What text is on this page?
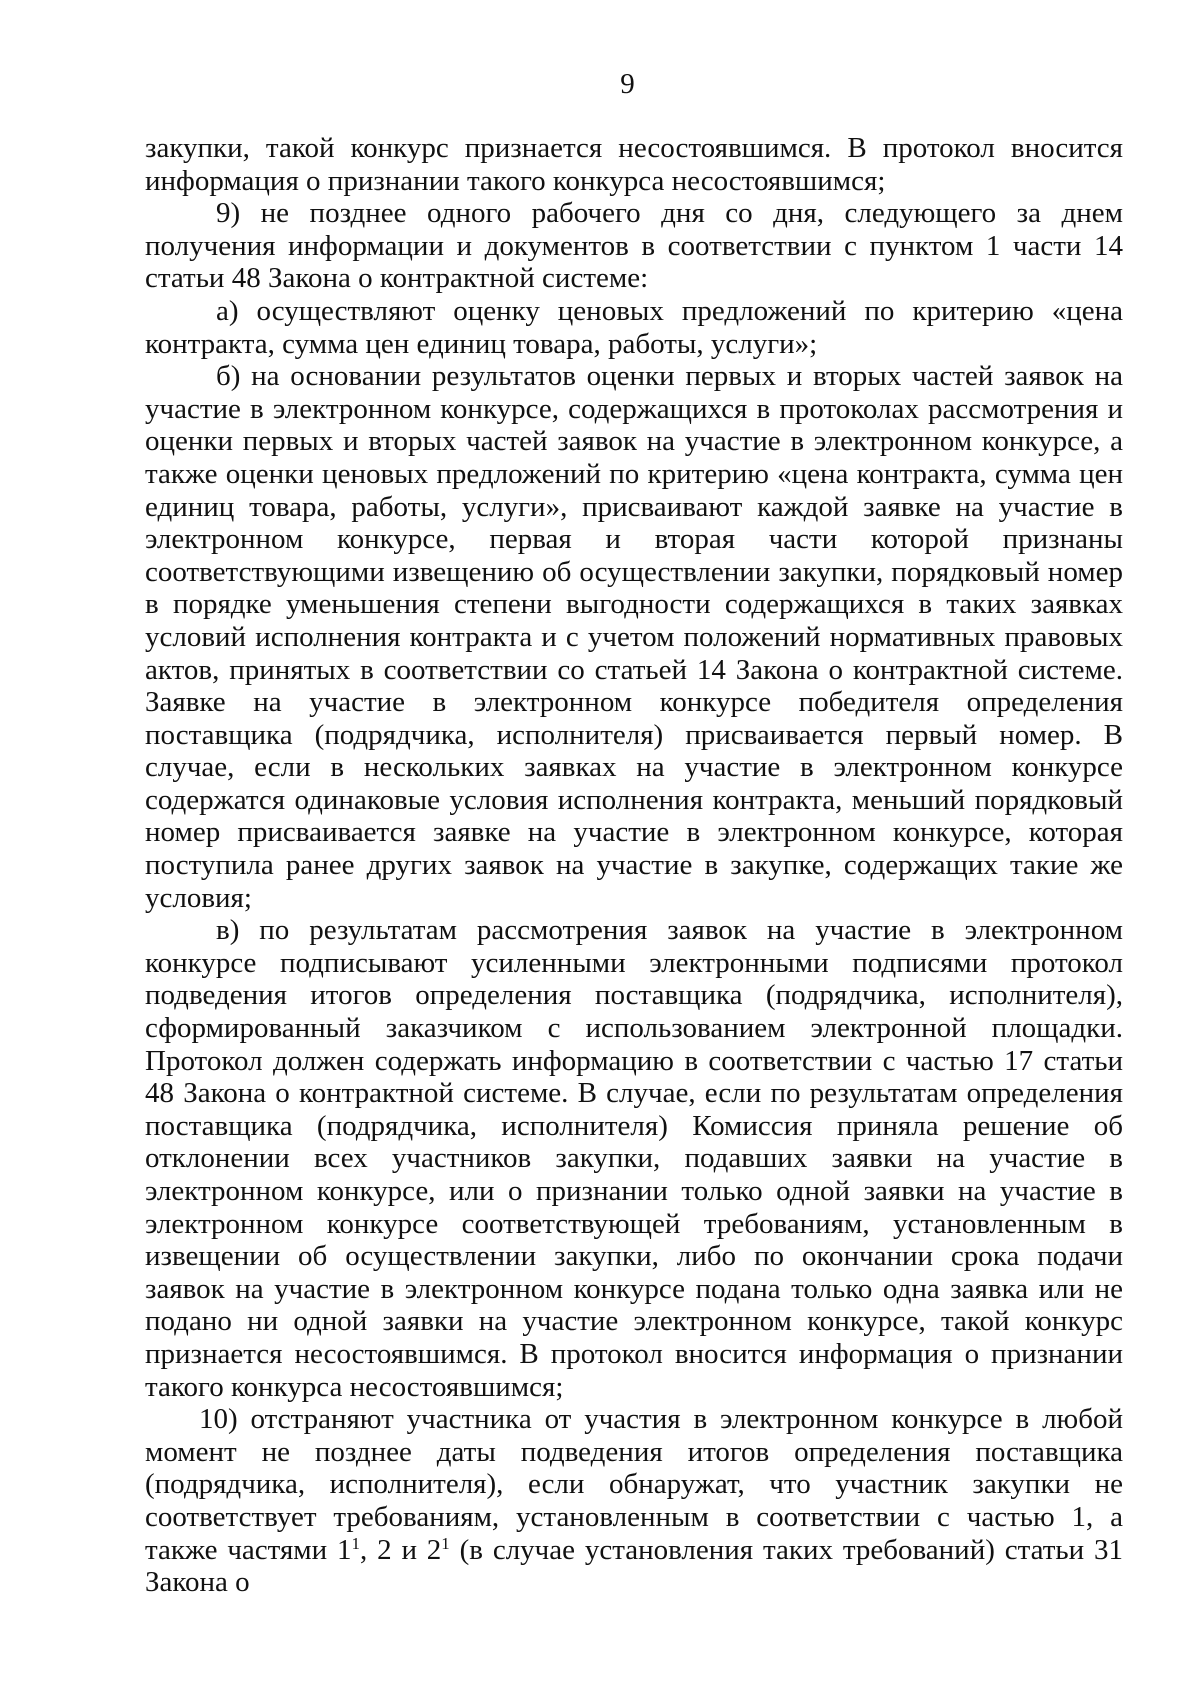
9

закупки, такой конкурс признается несостоявшимся. В протокол вносится информация о признании такого конкурса несостоявшимся;

9) не позднее одного рабочего дня со дня, следующего за днем получения информации и документов в соответствии с пунктом 1 части 14 статьи 48 Закона о контрактной системе:

а) осуществляют оценку ценовых предложений по критерию «цена контракта, сумма цен единиц товара, работы, услуги»;

б) на основании результатов оценки первых и вторых частей заявок на участие в электронном конкурсе, содержащихся в протоколах рассмотрения и оценки первых и вторых частей заявок на участие в электронном конкурсе, а также оценки ценовых предложений по критерию «цена контракта, сумма цен единиц товара, работы, услуги», присваивают каждой заявке на участие в электронном конкурсе, первая и вторая части которой признаны соответствующими извещению об осуществлении закупки, порядковый номер в порядке уменьшения степени выгодности содержащихся в таких заявках условий исполнения контракта и с учетом положений нормативных правовых актов, принятых в соответствии со статьей 14 Закона о контрактной системе. Заявке на участие в электронном конкурсе победителя определения поставщика (подрядчика, исполнителя) присваивается первый номер. В случае, если в нескольких заявках на участие в электронном конкурсе содержатся одинаковые условия исполнения контракта, меньший порядковый номер присваивается заявке на участие в электронном конкурсе, которая поступила ранее других заявок на участие в закупке, содержащих такие же условия;

в) по результатам рассмотрения заявок на участие в электронном конкурсе подписывают усиленными электронными подписями протокол подведения итогов определения поставщика (подрядчика, исполнителя), сформированный заказчиком с использованием электронной площадки. Протокол должен содержать информацию в соответствии с частью 17 статьи 48 Закона о контрактной системе. В случае, если по результатам определения поставщика (подрядчика, исполнителя) Комиссия приняла решение об отклонении всех участников закупки, подавших заявки на участие в электронном конкурсе, или о признании только одной заявки на участие в электронном конкурсе соответствующей требованиям, установленным в извещении об осуществлении закупки, либо по окончании срока подачи заявок на участие в электронном конкурсе подана только одна заявка или не подано ни одной заявки на участие электронном конкурсе, такой конкурс признается несостоявшимся. В протокол вносится информация о признании такого конкурса несостоявшимся;

10) отстраняют участника от участия в электронном конкурсе в любой момент не позднее даты подведения итогов определения поставщика (подрядчика, исполнителя), если обнаружат, что участник закупки не соответствует требованиям, установленным в соответствии с частью 1, а также частями $1^1$, 2 и $2^1$ (в случае установления таких требований) статьи 31 Закона о
